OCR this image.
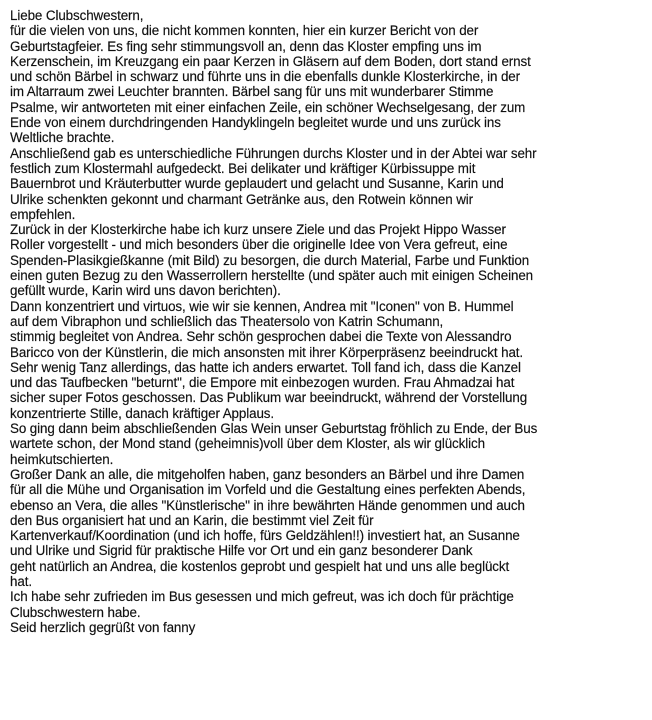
Liebe Clubschwestern,
für die vielen von uns, die nicht kommen konnten, hier ein kurzer Bericht von der
Geburtstagfeier. Es fing sehr stimmungsvoll an, denn das Kloster empfing uns im
Kerzenschein, im Kreuzgang ein paar Kerzen in Gläsern auf dem Boden, dort stand ernst
und schön Bärbel in schwarz und führte uns in die ebenfalls dunkle Klosterkirche, in der
im Altarraum zwei Leuchter brannten. Bärbel sang für uns mit wunderbarer Stimme
Psalme, wir antworteten mit einer einfachen Zeile, ein schöner Wechselgesang, der zum
Ende von einem durchdringenden Handyklingeln begleitet wurde und uns zurück ins
Weltliche brachte.
Anschließend gab es unterschiedliche Führungen durchs Kloster und in der Abtei war sehr
festlich zum Klostermahl aufgedeckt. Bei delikater und kräftiger Kürbissuppe mit
Bauernbrot und Kräuterbutter wurde geplaudert und gelacht und Susanne, Karin und
Ulrike schenkten gekonnt und charmant Getränke aus, den Rotwein können wir
empfehlen.
Zurück in der Klosterkirche habe ich kurz unsere Ziele und das Projekt Hippo Wasser
Roller vorgestellt - und mich besonders über die originelle Idee von Vera gefreut, eine
Spenden-Plasikgießkanne (mit Bild) zu besorgen, die durch Material, Farbe und Funktion
einen guten Bezug zu den Wasserrollern herstellte (und später auch mit einigen Scheinen
gefüllt wurde, Karin wird uns davon berichten).
Dann konzentriert und virtuos, wie wir sie kennen, Andrea mit "Iconen" von B. Hummel
auf dem Vibraphon und schließlich das Theatersolo von Katrin Schumann,
stimmig begleitet von Andrea. Sehr schön gesprochen dabei die Texte von Alessandro
Baricco von der Künstlerin, die mich ansonsten mit ihrer Körperpräsenz beeindruckt hat.
Sehr wenig Tanz allerdings, das hatte ich anders erwartet. Toll fand ich, dass die Kanzel
und das Taufbecken "beturnt", die Empore mit einbezogen wurden. Frau Ahmadzai hat
sicher super Fotos geschossen. Das Publikum war beeindruckt, während der Vorstellung
konzentrierte Stille, danach kräftiger Applaus.
So ging dann beim abschließenden Glas Wein unser Geburtstag fröhlich zu Ende, der Bus
wartete schon, der Mond stand (geheimnis)voll über dem Kloster, als wir glücklich
heimkutschierten.
Großer Dank an alle, die mitgeholfen haben, ganz besonders an Bärbel und ihre Damen
für all die Mühe und Organisation im Vorfeld und die Gestaltung eines perfekten Abends,
ebenso an Vera, die alles "Künstlerische" in ihre bewährten Hände genommen und auch
den Bus organisiert hat und an Karin, die bestimmt viel Zeit für
Kartenverkauf/Koordination (und ich hoffe, fürs Geldzählen!!) investiert hat, an Susanne
und Ulrike und Sigrid für praktische Hilfe vor Ort und ein ganz besonderer Dank
geht natürlich an Andrea, die kostenlos geprobt und gespielt hat und uns alle beglückt
hat.
Ich habe sehr zufrieden im Bus gesessen und mich gefreut, was ich doch für prächtige
Clubschwestern habe.
Seid herzlich gegrüßt von fanny
